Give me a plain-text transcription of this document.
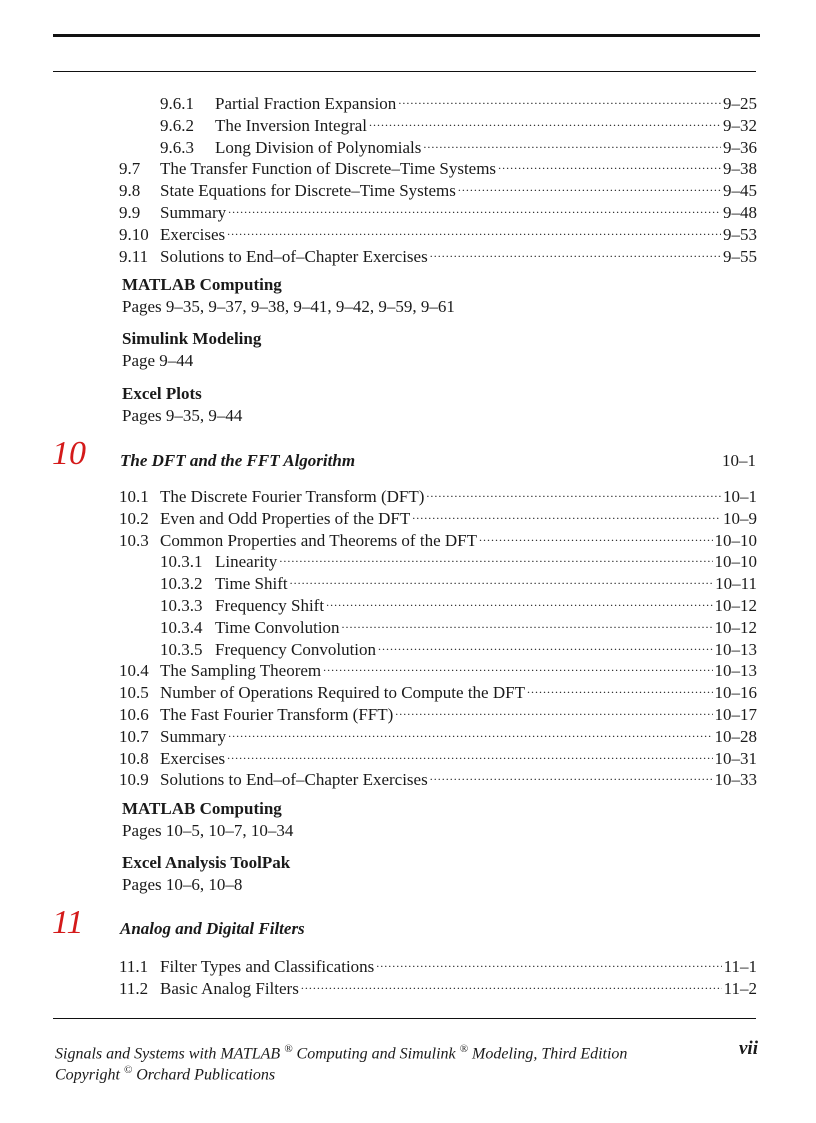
9.6.1	Partial Fraction Expansion .....	9–25
9.6.2	The Inversion Integral .....	9–32
9.6.3	Long Division of Polynomials .....	9–36
9.7	The Transfer Function of Discrete–Time Systems .....	9–38
9.8	State Equations for Discrete–Time Systems .....	9–45
9.9	Summary .....	9–48
9.10 Exercises .....	9–53
9.11 Solutions to End–of–Chapter Exercises .....	9–55
MATLAB Computing
Pages 9–35, 9–37, 9–38, 9–41, 9–42, 9–59, 9–61
Simulink Modeling
Page 9–44
Excel Plots
Pages 9–35, 9–44
10 The DFT and the FFT Algorithm	10–1
10.1 The Discrete Fourier Transform (DFT) .....	10–1
10.2 Even and Odd Properties of the DFT .....	10–9
10.3 Common Properties and Theorems of the DFT .....	10–10
10.3.1 Linearity .....	10–10
10.3.2 Time Shift .....	10–11
10.3.3 Frequency Shift .....	10–12
10.3.4 Time Convolution .....	10–12
10.3.5 Frequency Convolution .....	10–13
10.4 The Sampling Theorem .....	10–13
10.5 Number of Operations Required to Compute the DFT .....	10–16
10.6 The Fast Fourier Transform (FFT) .....	10–17
10.7 Summary .....	10–28
10.8 Exercises .....	10–31
10.9 Solutions to End–of–Chapter Exercises .....	10–33
MATLAB Computing
Pages 10–5, 10–7, 10–34
Excel Analysis ToolPak
Pages 10–6, 10–8
11 Analog and Digital Filters
11.1 Filter Types and Classifications .....	11–1
11.2 Basic Analog Filters .....	11–2
Signals and Systems with MATLAB ® Computing and Simulink ® Modeling, Third Edition
Copyright © Orchard Publications
vii
